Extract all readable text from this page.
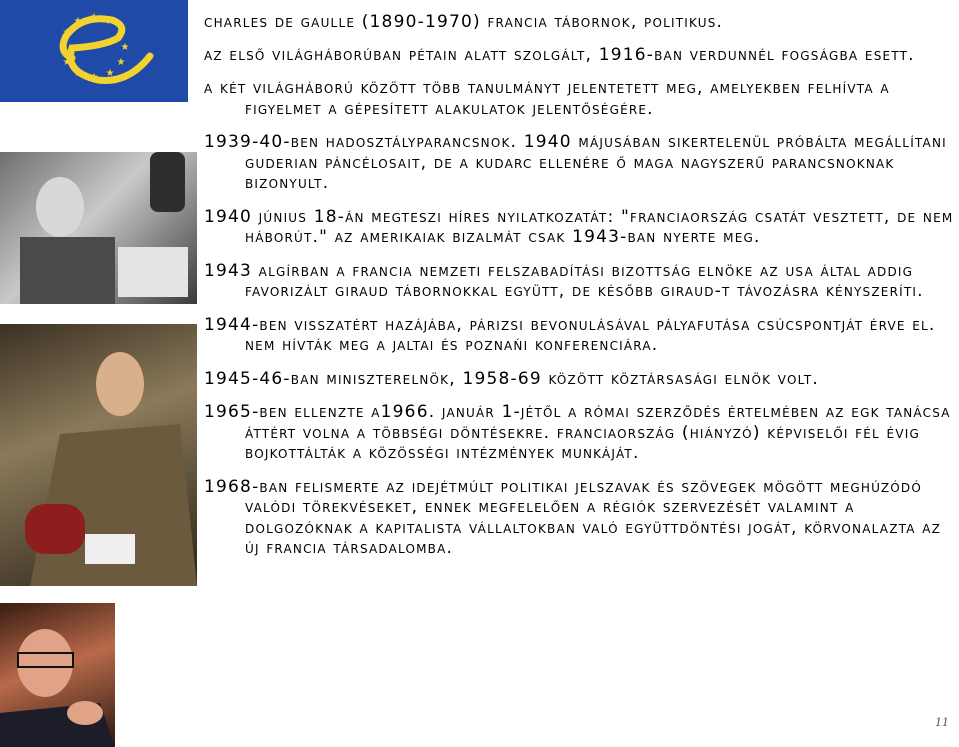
★ ★
★
★
★
★
★
★
★
★
★
★	charles de gaulle (1890-1970) francia tábornok, politikus.

az első világháborúban pétain alatt szolgált, 1916-ban verdunnél fogságba esett.

a két világháború között több tanulmányt jelentetett meg, amelyekben felhívta a figyelmet a gépesített alakulatok jelentőségére.

1939-40-ben hadosztályparancsnok. 1940 májusában sikertelenül próbálta megállítani guderian páncélosait, de a kudarc ellenére ő maga nagyszerű parancsnoknak bizonyult.

1940 június 18-án megteszi híres nyilatkozatát: "franciaország csatát vesztett, de nem háborút." az amerikaiak bizalmát csak 1943-ban nyerte meg.

1943 algírban a francia nemzeti felszabadítási bizottság elnöke az usa által addig favorizált giraud tábornokkal együtt, de később giraud-t távozásra kényszeríti.

1944-ben visszatért hazájába, párizsi bevonulásával pályafutása csúcspontját érve el. nem hívták meg a jaltai és poznańi konferenciára.

1945-46-ban miniszterelnök, 1958-69 között köztársasági elnök volt.

1965-ben ellenzte a1966. január 1-jétől a római szerződés értelmében az egk tanácsa áttért volna a többségi döntésekre. franciaország (hiányzó) képviselői fél évig bojkottálták a közösségi intézmények munkáját.

1968-ban felismerte az idejétmúlt politikai jelszavak és szövegek mögött meghúzódó valódi törekvéseket, ennek megfelelően a régiók szervezését valamint a dolgozóknak a kapitalista vállaltokban való együttdöntési jogát, körvonalazta az új francia társadalomba.

11
